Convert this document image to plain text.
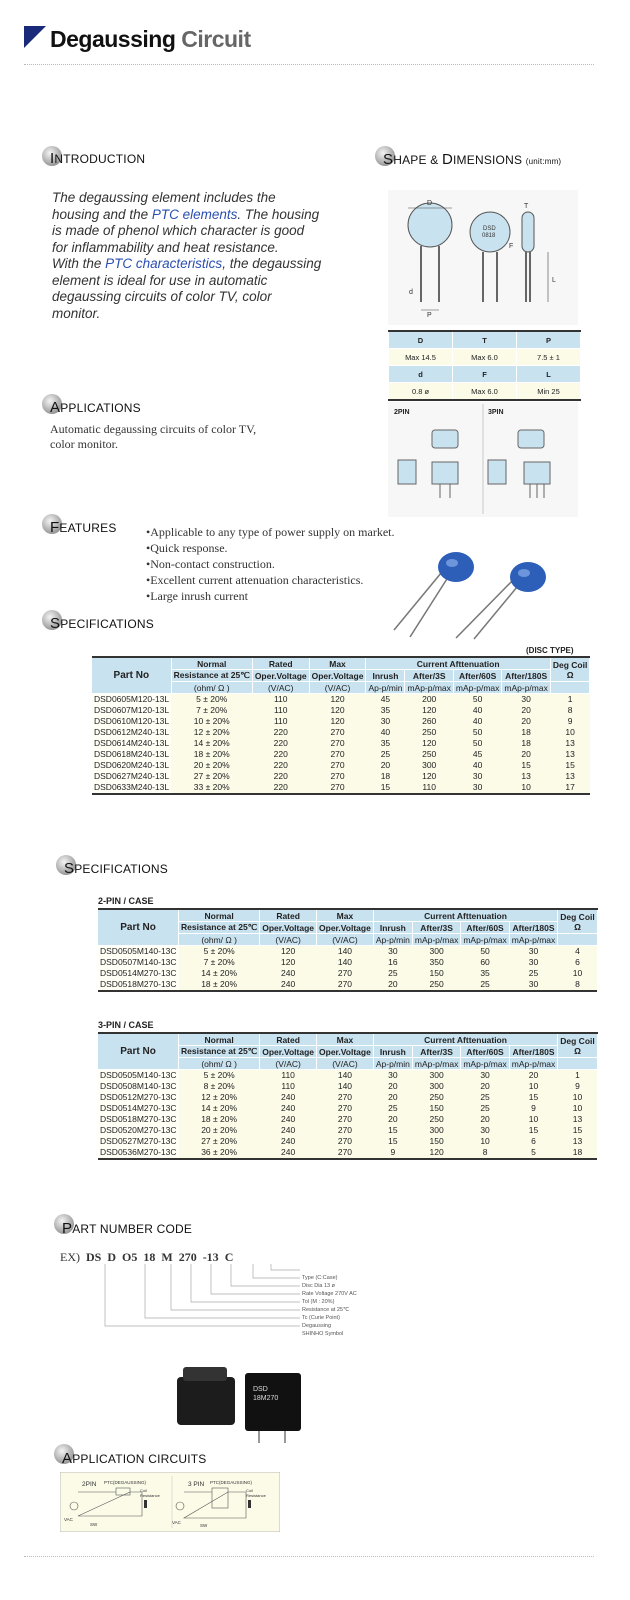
Degaussing Circuit
INTRODUCTION
The degaussing element includes the housing and the PTC elements. The housing is made of phenol which character is good for inflammability and heat resistance.
With the PTC characteristics, the degaussing element is ideal for use in automatic degaussing circuits of color TV, color monitor.
SHAPE & DIMENSIONS (unit:mm)
D
d
P
DSD
0818
T
F
L
D	T	P
Max 14.5	Max 6.0	7.5 ± 1
d	F	L
0.8 ø	Max 6.0	Min 25
APPLICATIONS
Automatic degaussing circuits of color TV, color monitor.
2PIN	3PIN
FEATURES	• Applicable to any type of power supply on market.
• Quick response.
• Non-contact construction.
• Excellent current attenuation characteristics.
• Large inrush current
SPECIFICATIONS
(DISC TYPE)
Part No	Normal	Rated	Max	Current Afttenuation				Deg Coil
Ω
	Resistance at 25℃	Oper.Voltage	Oper.Voltage	Inrush	After/3S	After/60S	After/180S	
	(ohm/ Ω )	(V/AC)	(V/AC)	Ap-p/min	mAp-p/max	mAp-p/max	mAp-p/max	
DSD0605M120-13L	5 ± 20%	110	120	45	200	50	30	1
DSD0607M120-13L	7 ± 20%	110	120	35	120	40	20	8
DSD0610M120-13L	10 ± 20%	110	120	30	260	40	20	9
DSD0612M240-13L	12 ± 20%	220	270	40	250	50	18	10
DSD0614M240-13L	14 ± 20%	220	270	35	120	50	18	13
DSD0618M240-13L	18 ± 20%	220	270	25	250	45	20	13
DSD0620M240-13L	20 ± 20%	220	270	20	300	40	15	15
DSD0627M240-13L	27 ± 20%	220	270	18	120	30	13	13
DSD0633M240-13L	33 ± 20%	220	270	15	110	30	10	17
SPECIFICATIONS
2-PIN / CASE
Part No	Normal	Rated	Max	Current Afttenuation				Deg Coil
Ω
	Resistance at 25℃	Oper.Voltage	Oper.Voltage	Inrush	After/3S	After/60S	After/180S	
	(ohm/ Ω )	(V/AC)	(V/AC)	Ap-p/min	mAp-p/max	mAp-p/max	mAp-p/max	
DSD0505M140-13C	5 ± 20%	120	140	30	300	50	30	4
DSD0507M140-13C	7 ± 20%	120	140	16	350	60	30	6
DSD0514M270-13C	14 ± 20%	240	270	25	150	35	25	10
DSD0518M270-13C	18 ± 20%	240	270	20	250	25	30	8
3-PIN / CASE
Part No	Normal	Rated	Max	Current Afttenuation				Deg Coil
Ω
	Resistance at 25℃	Oper.Voltage	Oper.Voltage	Inrush	After/3S	After/60S	After/180S	
	(ohm/ Ω )	(V/AC)	(V/AC)	Ap-p/min	mAp-p/max	mAp-p/max	mAp-p/max	
DSD0505M140-13C	5 ± 20%	110	140	30	300	30	20	1
DSD0508M140-13C	8 ± 20%	110	140	20	300	20	10	9
DSD0512M270-13C	12 ± 20%	240	270	20	250	25	15	10
DSD0514M270-13C	14 ± 20%	240	270	25	150	25	9	10
DSD0518M270-13C	18 ± 20%	240	270	20	250	20	10	13
DSD0520M270-13C	20 ± 20%	240	270	15	300	30	15	15
DSD0527M270-13C	27 ± 20%	240	270	15	150	10	6	13
DSD0536M270-13C	36 ± 20%	240	270	9	120	8	5	18
PART NUMBER CODE
EX) DS D O5 18 M 270 -13 C
Type (C:Case)
Disc Dia 13 ø
Rate Voltage 270V AC
Tol (M : 20%)
Resistance at 25℃
Tc (Curie Point)
Degaussing
SHINHO Symbol
DSD
18M270
APPLICATION CIRCUITS
2PIN PTC(DEGAUSSING)
VAC
SW
Coil
Resistance
3 PIN PTC(DEGAUSSING)
VAC
SW
Coil
Resistance
